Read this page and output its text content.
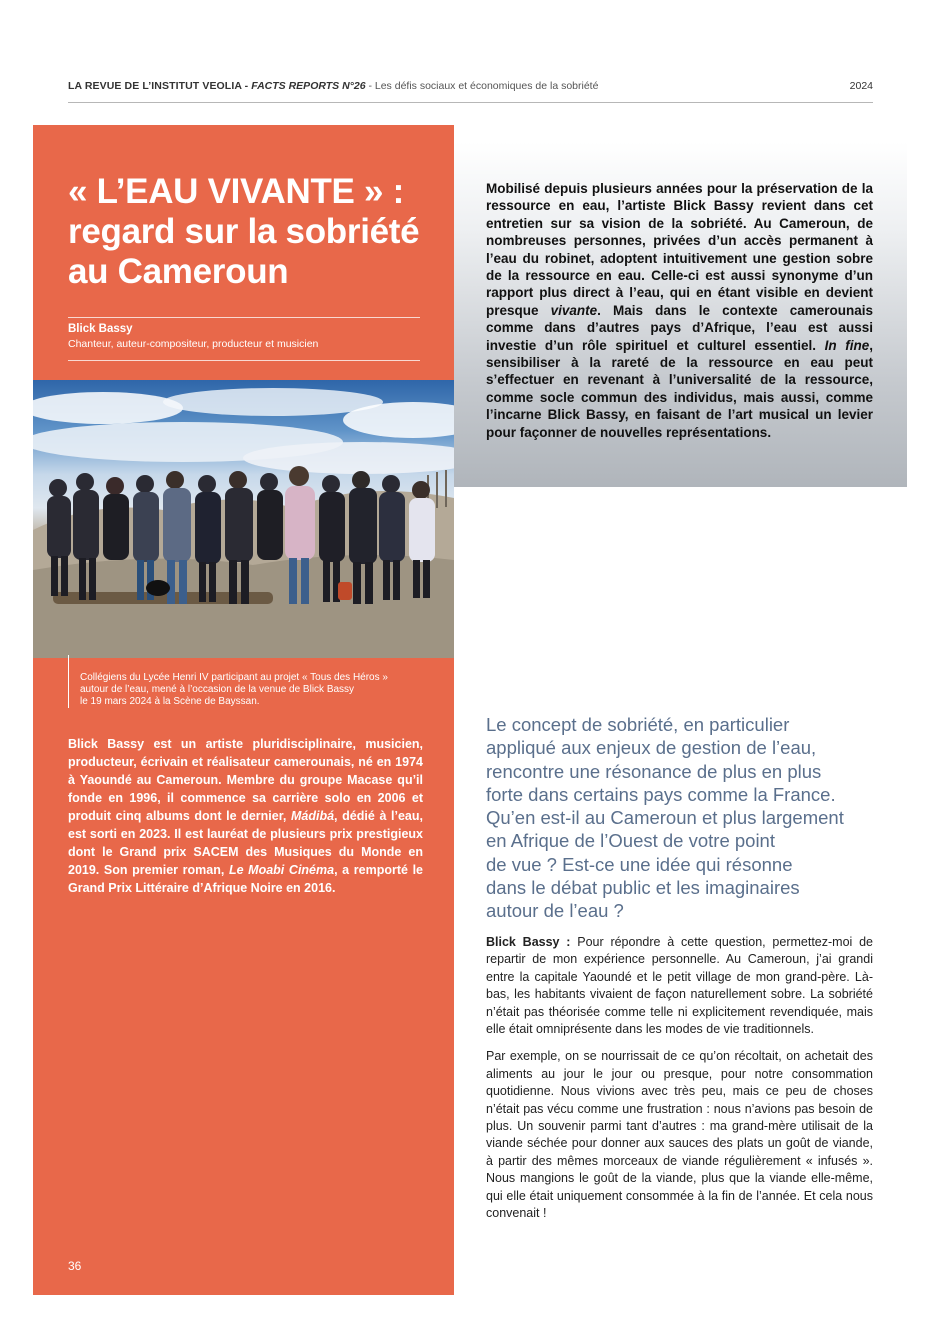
LA REVUE DE L’INSTITUT VEOLIA - FACTS REPORTS N°26 - Les défis sociaux et économiques de la sobriété	2024
« L’EAU VIVANTE » : regard sur la sobriété au Cameroun
Blick Bassy
Chanteur, auteur-compositeur, producteur et musicien
Collégiens du Lycée Henri IV participant au projet « Tous des Héros »
autour de l’eau, mené à l’occasion de la venue de Blick Bassy
le 19 mars 2024 à la Scène de Bayssan.
Blick Bassy est un artiste pluridisciplinaire, musicien, producteur, écrivain et réalisateur camerounais, né en 1974 à Yaoundé au Cameroun. Membre du groupe Macase qu’il fonde en 1996, il commence sa carrière solo en 2006 et produit cinq albums dont le dernier, Mádibá, dédié à l’eau, est sorti en 2023. Il est lauréat de plusieurs prix prestigieux dont le Grand prix SACEM des Musiques du Monde en 2019. Son premier roman, Le Moabi Cinéma, a remporté le Grand Prix Littéraire d’Afrique Noire en 2016.
36
Mobilisé depuis plusieurs années pour la préservation de la ressource en eau, l’artiste Blick Bassy revient dans cet entretien sur sa vision de la sobriété. Au Cameroun, de nombreuses personnes, privées d’un accès permanent à l’eau du robinet, adoptent intuitivement une gestion sobre de la ressource en eau. Celle-ci est aussi synonyme d’un rapport plus direct à l’eau, qui en étant visible en devient presque vivante. Mais dans le contexte camerounais comme dans d’autres pays d’Afrique, l’eau est aussi investie d’un rôle spirituel et culturel essentiel. In fine, sensibiliser à la rareté de la ressource en eau peut s’effectuer en revenant à l’universalité de la ressource, comme socle commun des individus, mais aussi, comme l’incarne Blick Bassy, en faisant de l’art musical un levier pour façonner de nouvelles représentations.
Le concept de sobriété, en particulier
appliqué aux enjeux de gestion de l’eau,
rencontre une résonance de plus en plus
forte dans certains pays comme la France.
Qu’en est-il au Cameroun et plus largement
en Afrique de l’Ouest de votre point
de vue ? Est-ce une idée qui résonne
dans le débat public et les imaginaires
autour de l’eau ?

Blick Bassy : Pour répondre à cette question, permettez-moi de repartir de mon expérience personnelle. Au Cameroun, j’ai grandi entre la capitale Yaoundé et le petit village de mon grand-père. Là-bas, les habitants vivaient de façon naturellement sobre. La sobriété n’était pas théorisée comme telle ni explicitement revendiquée, mais elle était omniprésente dans les modes de vie traditionnels.

Par exemple, on se nourrissait de ce qu’on récoltait, on achetait des aliments au jour le jour ou presque, pour notre consommation quotidienne. Nous vivions avec très peu, mais ce peu de choses n’était pas vécu comme une frustration : nous n’avions pas besoin de plus. Un souvenir parmi tant d’autres : ma grand-mère utilisait de la viande séchée pour donner aux sauces des plats un goût de viande, à partir des mêmes morceaux de viande régulièrement « infusés ». Nous mangions le goût de la viande, plus que la viande elle-même, qui elle était uniquement consommée à la fin de l’année. Et cela nous convenait !
